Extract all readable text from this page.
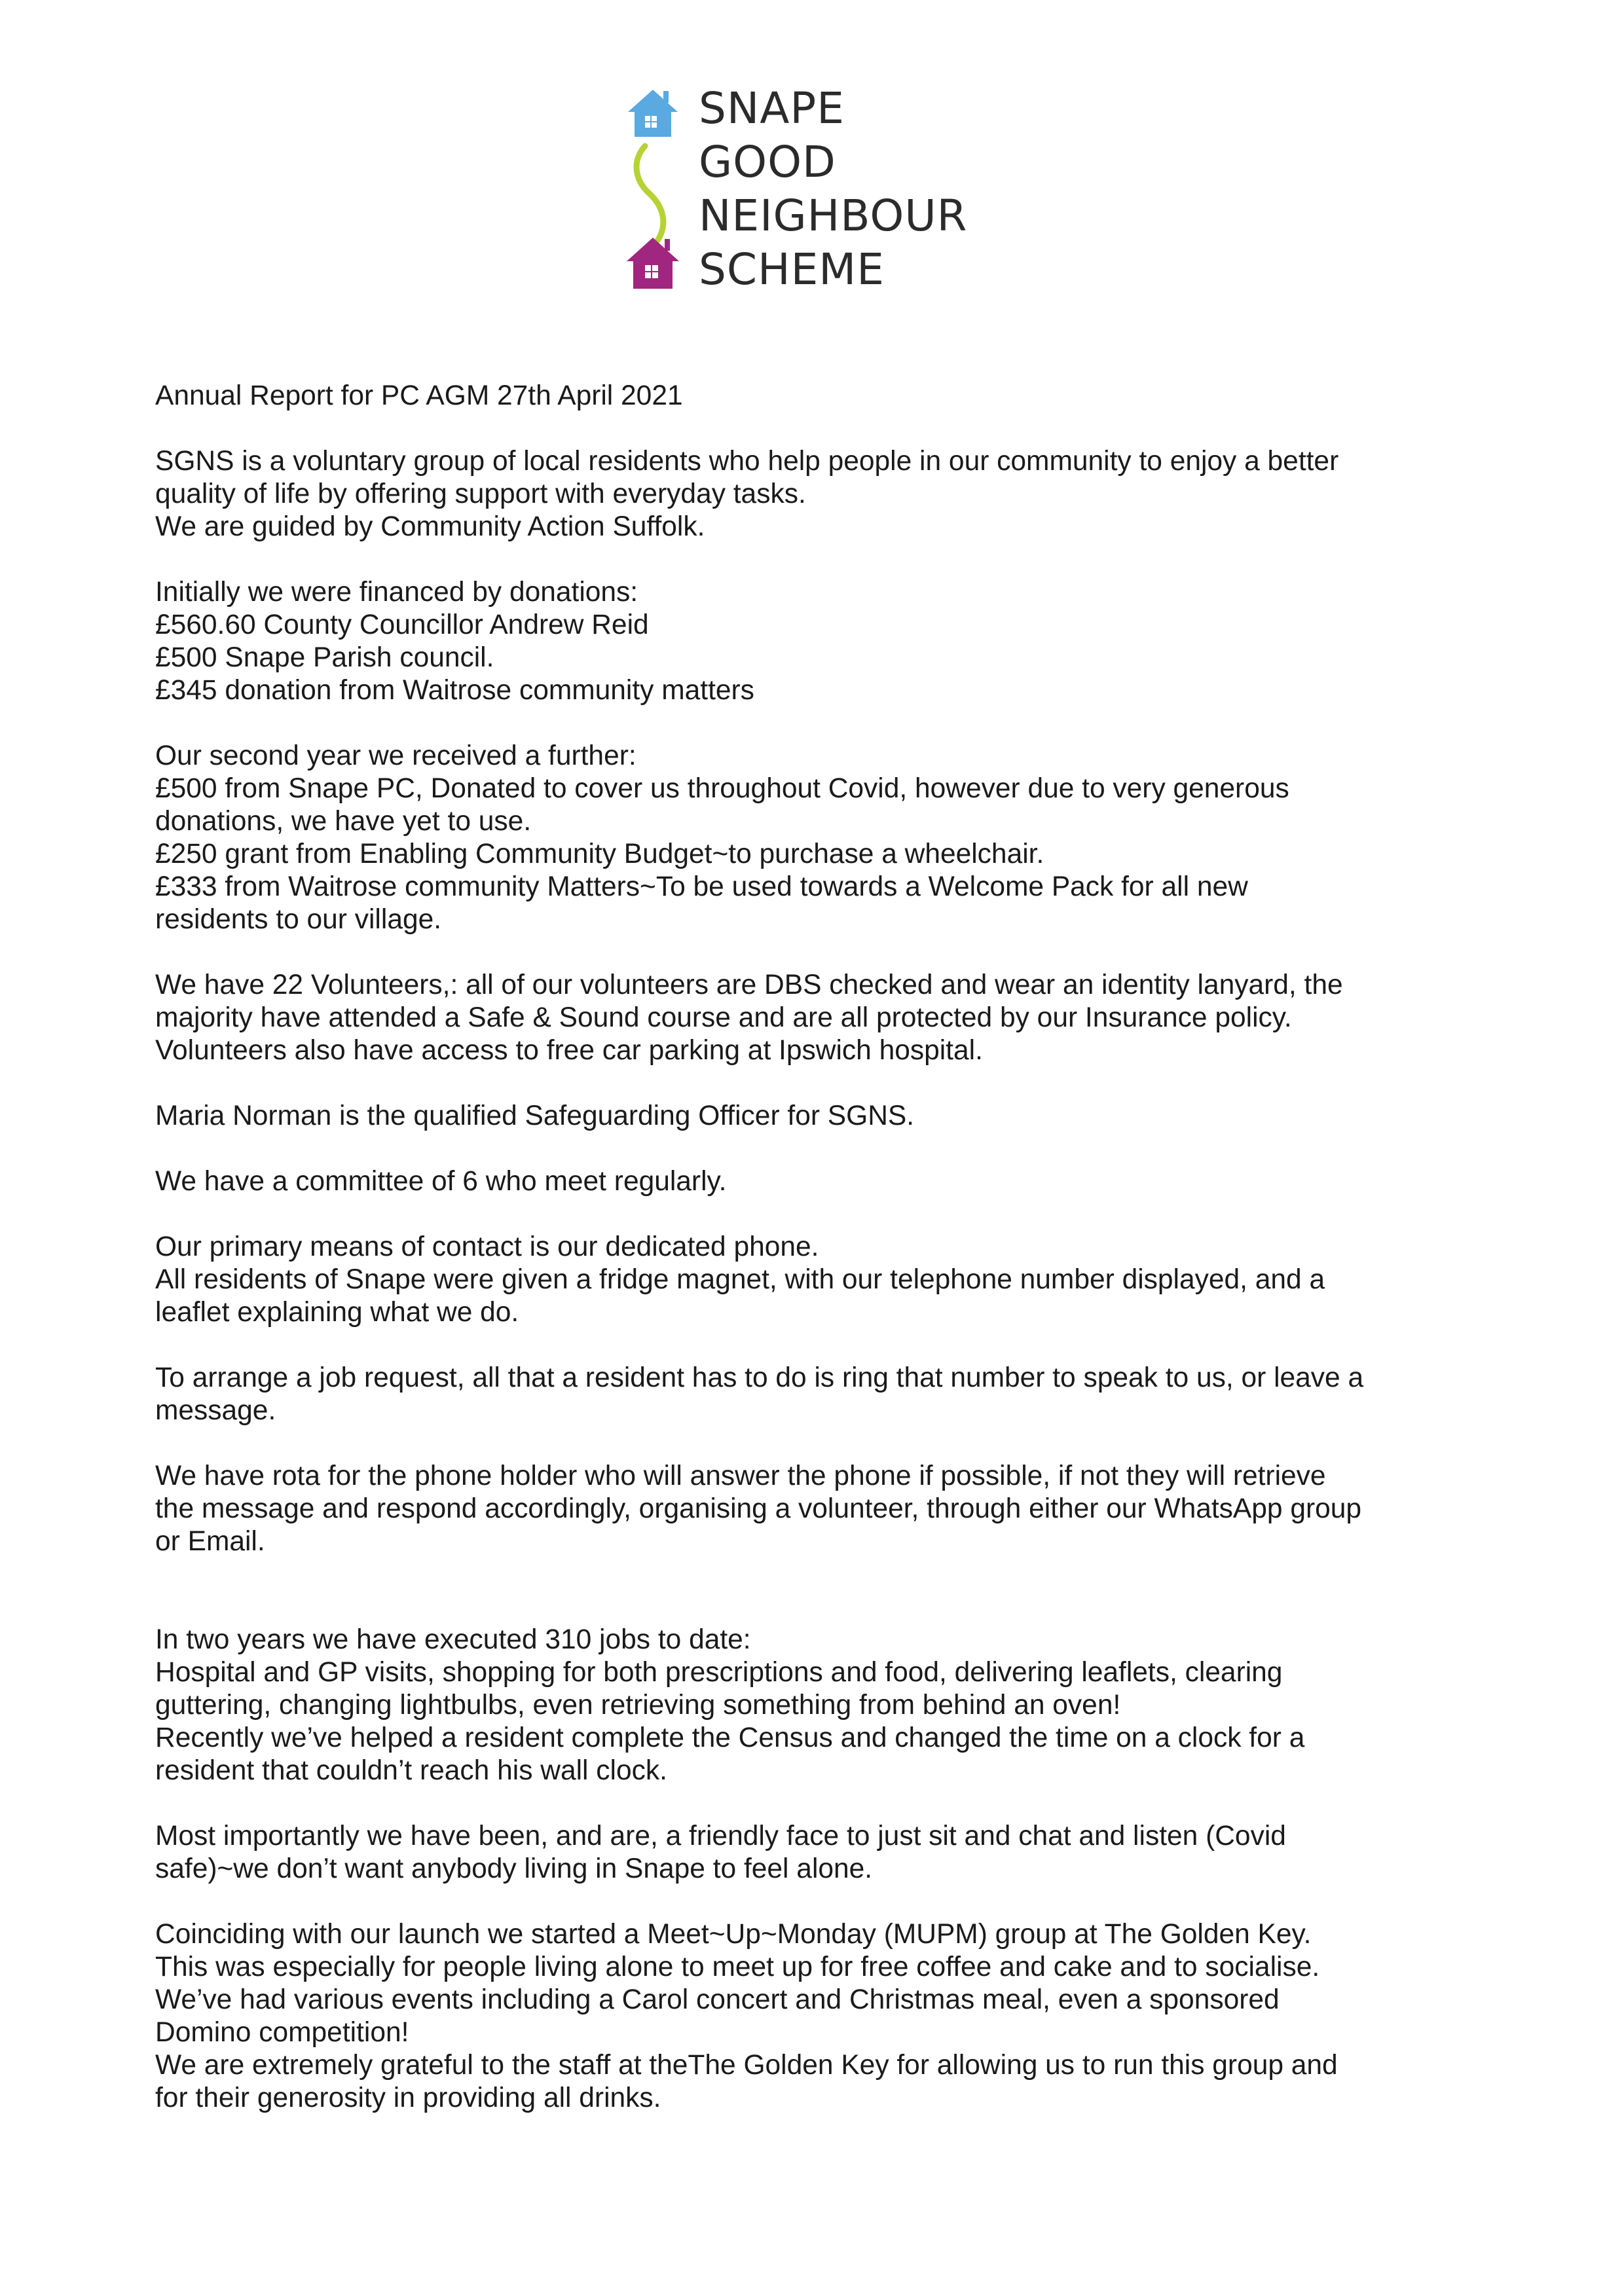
SNAPE
GOOD
NEIGHBOUR
SCHEME
Annual Report for PC AGM 27th April 2021
SGNS is a voluntary group of local residents who help people in our community to enjoy a better
quality of life by offering support with everyday tasks.
We are guided by Community Action Suffolk.
Initially we were financed by donations:
£560.60 County Councillor Andrew Reid
£500 Snape Parish council.
£345 donation from Waitrose community matters
Our second year we received a further:
£500 from Snape PC, Donated to cover us throughout Covid, however due to very generous
donations, we have yet to use.
£250 grant from Enabling Community Budget~to purchase a wheelchair.
£333 from Waitrose community Matters~To be used towards a Welcome Pack for all new
residents to our village.
We have 22 Volunteers,: all of our volunteers are DBS checked and wear an identity lanyard, the
majority have attended a Safe & Sound course and are all protected by our Insurance policy.
Volunteers also have access to free car parking at Ipswich hospital.
Maria Norman is the qualified Safeguarding Officer for SGNS.
We have a committee of 6 who meet regularly.
Our primary means of contact is our dedicated phone.
All residents of Snape were given a fridge magnet, with our telephone number displayed, and a
leaflet explaining what we do.
To arrange a job request, all that a resident has to do is ring that number to speak to us, or leave a
message.
We have rota for the phone holder who will answer the phone if possible, if not they will retrieve
the message and respond accordingly, organising a volunteer, through either our WhatsApp group
or Email.
In two years we have executed 310 jobs to date:
Hospital and GP visits, shopping for both prescriptions and food, delivering leaflets, clearing
guttering, changing lightbulbs, even retrieving something from behind an oven!
Recently we’ve helped a resident complete the Census and changed the time on a clock for a
resident that couldn’t reach his wall clock.
Most importantly we have been, and are, a friendly face to just sit and chat and listen (Covid
safe)~we don’t want anybody living in Snape to feel alone.
Coinciding with our launch we started a Meet~Up~Monday (MUPM) group at The Golden Key.
This was especially for people living alone to meet up for free coffee and cake and to socialise.
We’ve had various events including a Carol concert and Christmas meal, even a sponsored
Domino competition!
We are extremely grateful to the staff at theThe Golden Key for allowing us to run this group and
for their generosity in providing all drinks.
